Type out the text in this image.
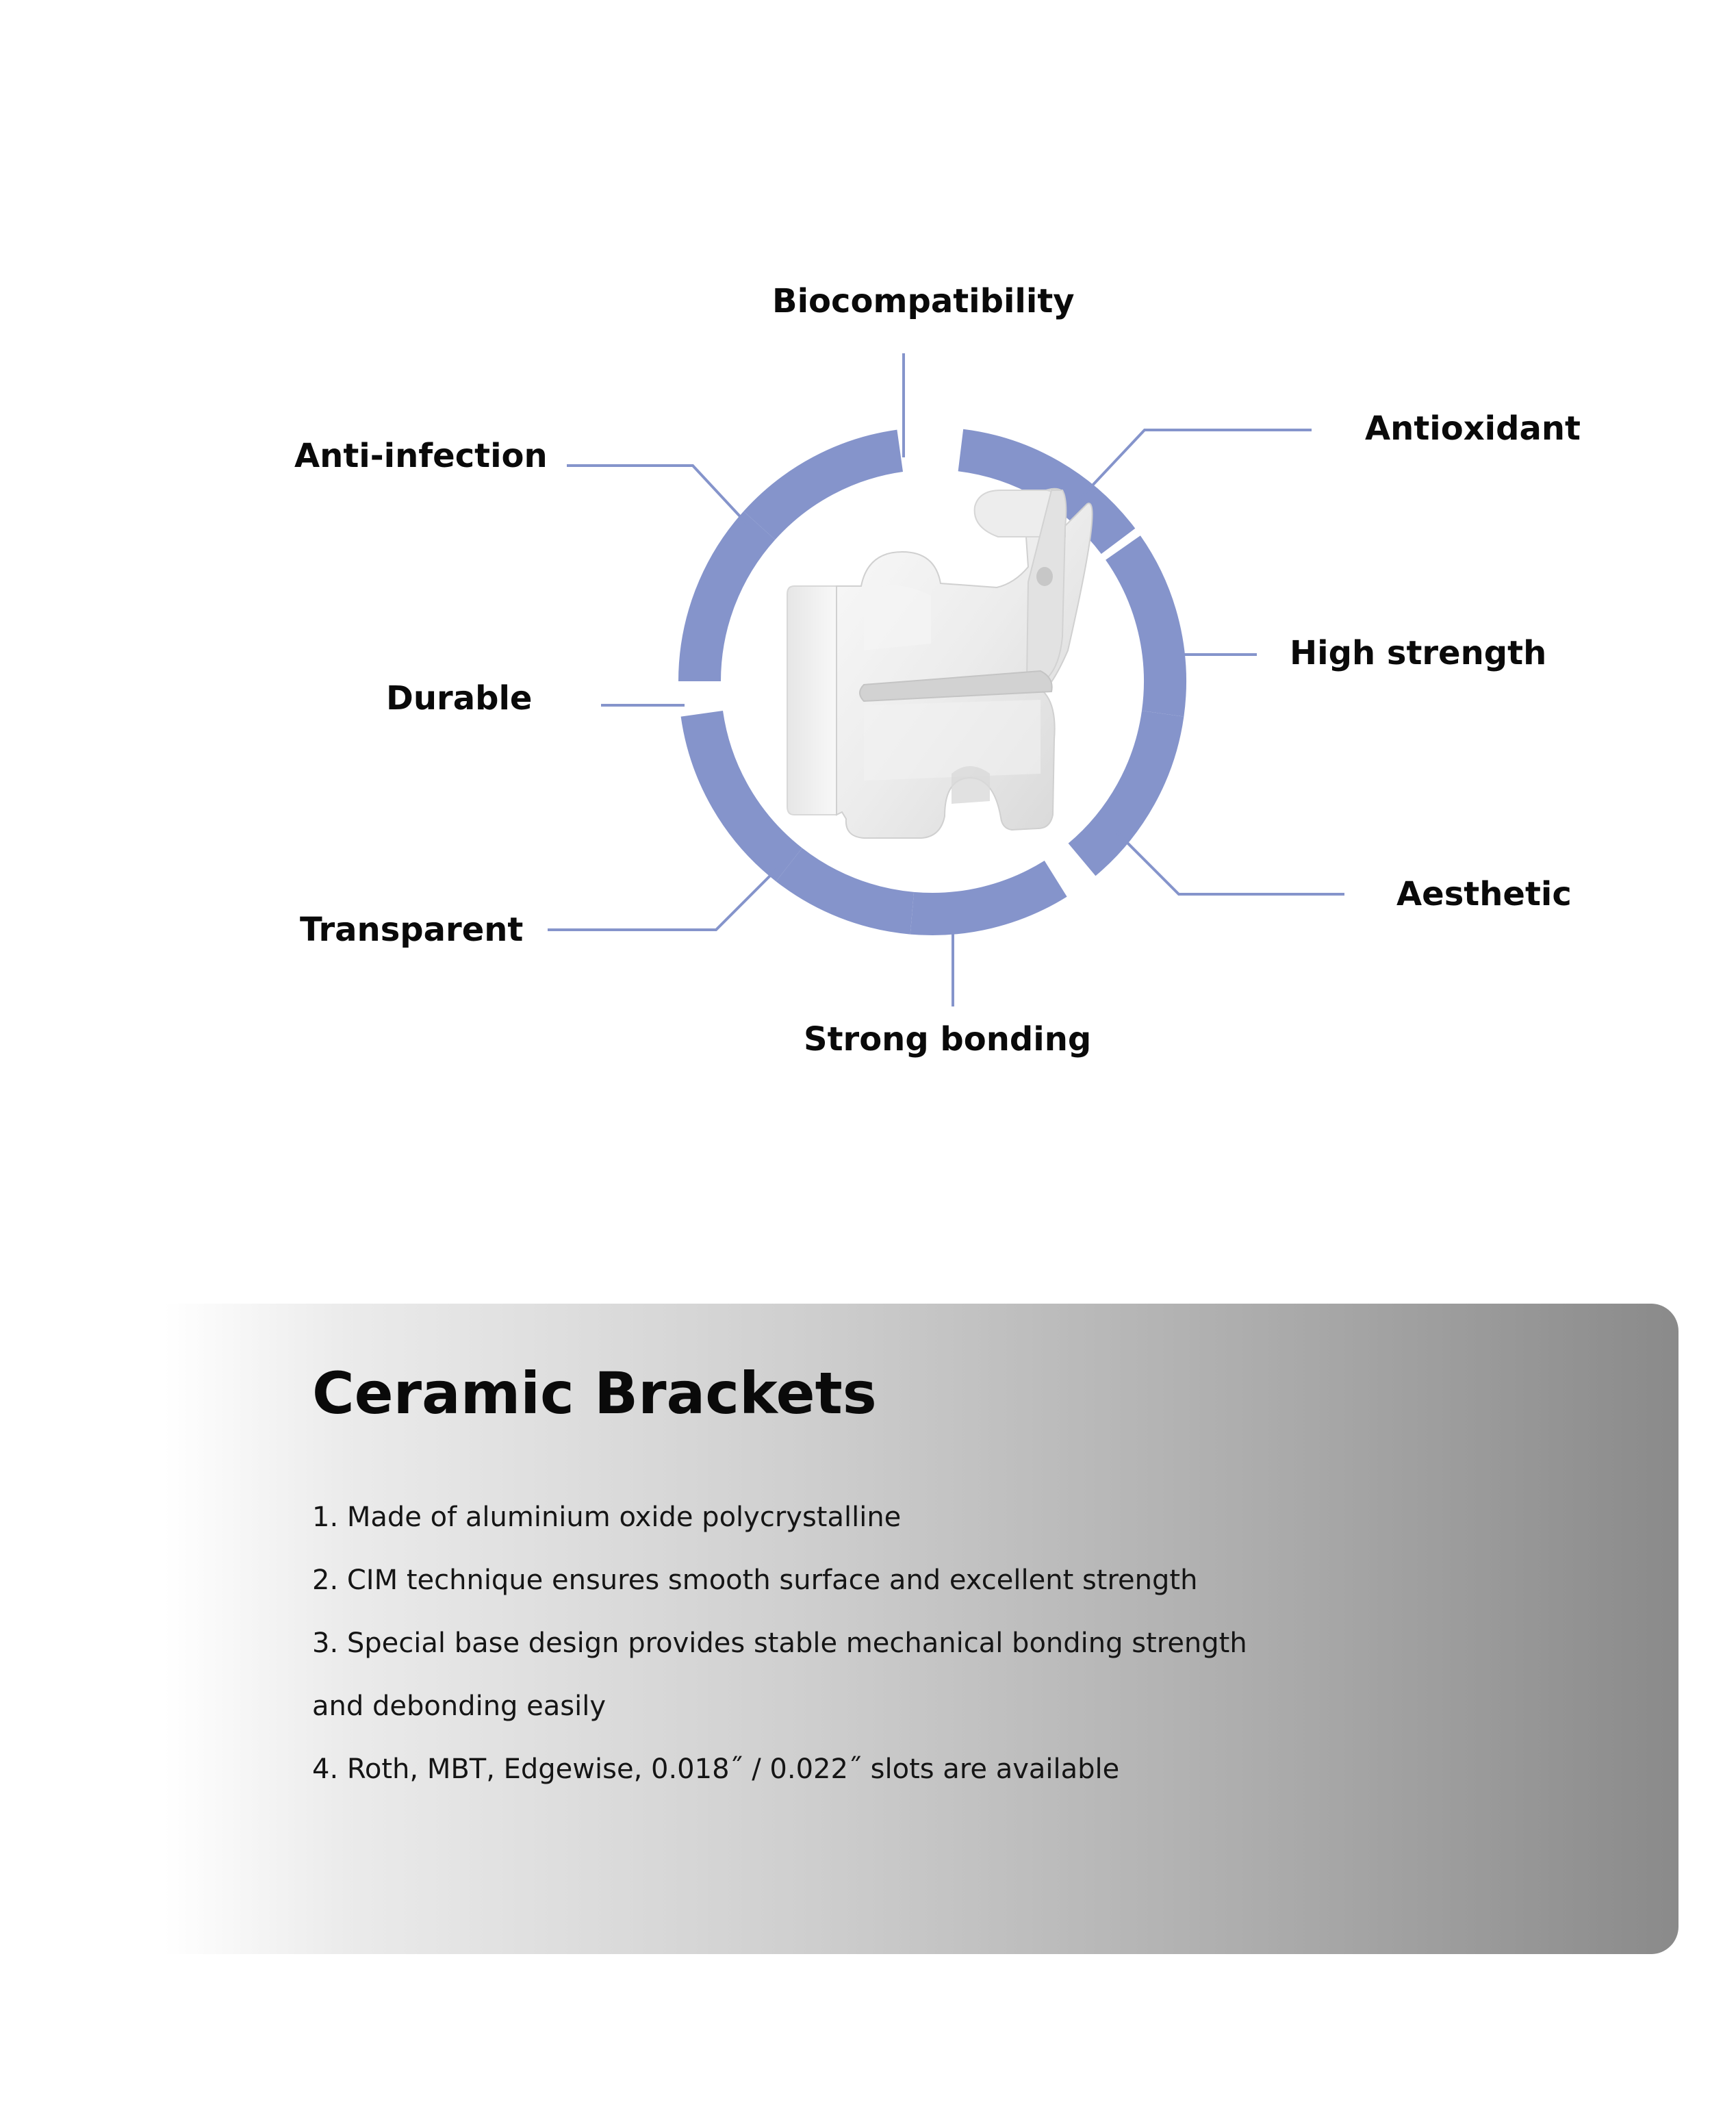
Biocompatibility
Antioxidant
High strength
Aesthetic
Strong bonding
Transparent
Durable
Anti-infection
Ceramic Brackets
1. Made of aluminium oxide polycrystalline
2. CIM technique ensures smooth surface and excellent strength
3. Special base design provides stable mechanical bonding strength
and debonding easily
4. Roth, MBT, Edgewise, 0.018˝ / 0.022˝ slots are available
